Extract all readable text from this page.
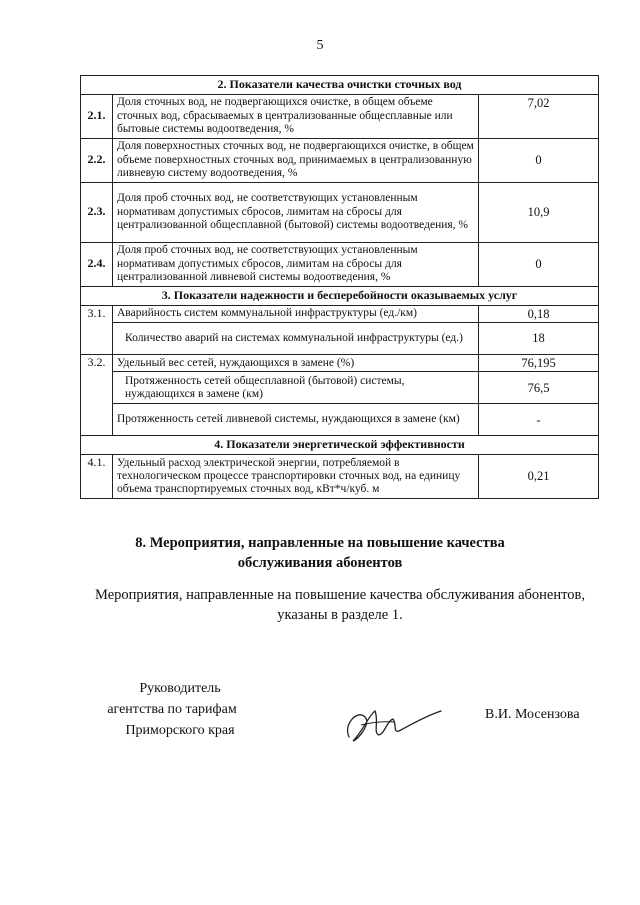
5
2. Показатели качества очистки сточных вод		
2.1.	Доля сточных вод, не подвергающихся очистке, в общем объеме сточных вод, сбрасываемых в централизованные общесплавные или бытовые системы водоотведения, %	7,02
2.2.	Доля поверхностных сточных вод, не подвергающихся очистке, в общем объеме поверхностных сточных вод, принимаемых в централизованную ливневую систему водоотведения, %	0
2.3.	Доля проб сточных вод, не соответствующих установленным нормативам допустимых сбросов, лимитам на сбросы для централизованной общесплавной (бытовой) системы водоотведения, %	10,9
2.4.	Доля проб сточных вод, не соответствующих установленным нормативам допустимых сбросов, лимитам на сбросы для централизованной ливневой системы водоотведения, %	0
3. Показатели надежности и бесперебойности оказываемых услуг		
3.1.	Аварийность систем коммунальной инфраструктуры (ед./км)	0,18
	Количество аварий на системах коммунальной инфраструктуры (ед.)	18
3.2.	Удельный вес сетей, нуждающихся в замене (%)	76,195
	Протяженность сетей общесплавной (бытовой) системы, нуждающихся в замене (км)	76,5
	Протяженность сетей ливневой системы, нуждающихся в замене (км)	-
4. Показатели энергетической эффективности		
4.1.	Удельный расход электрической энергии, потребляемой в технологическом процессе транспортировки сточных вод, на единицу объема транспортируемых сточных вод, кВт*ч/куб. м	0,21
8. Мероприятия, направленные на повышение качества
обслуживания абонентов
Мероприятия, направленные на повышение качества обслуживания абонентов,
указаны в разделе 1.
Руководитель
агентства по тарифам
Приморского края
В.И. Мосензова
